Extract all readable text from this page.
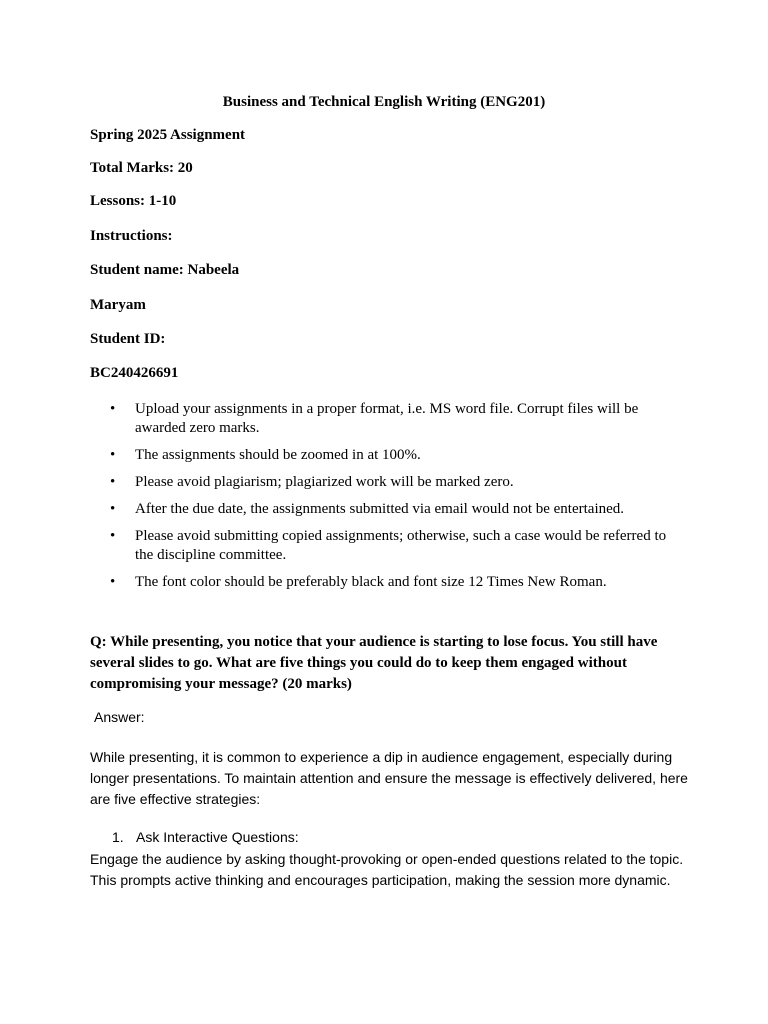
Business and Technical English Writing (ENG201)
Spring 2025 Assignment
Total Marks: 20
Lessons: 1-10
Instructions:
Student name: Nabeela
Maryam
Student ID:
BC240426691
• Upload your assignments in a proper format, i.e. MS word file. Corrupt files will be awarded zero marks.
• The assignments should be zoomed in at 100%.
• Please avoid plagiarism; plagiarized work will be marked zero.
• After the due date, the assignments submitted via email would not be entertained.
• Please avoid submitting copied assignments; otherwise, such a case would be referred to the discipline committee.
• The font color should be preferably black and font size 12 Times New Roman.
Q: While presenting, you notice that your audience is starting to lose focus. You still have several slides to go. What are five things you could do to keep them engaged without compromising your message? (20 marks)
Answer:
While presenting, it is common to experience a dip in audience engagement, especially during longer presentations. To maintain attention and ensure the message is effectively delivered, here are five effective strategies:
1. Ask Interactive Questions:
Engage the audience by asking thought-provoking or open-ended questions related to the topic. This prompts active thinking and encourages participation, making the session more dynamic.
